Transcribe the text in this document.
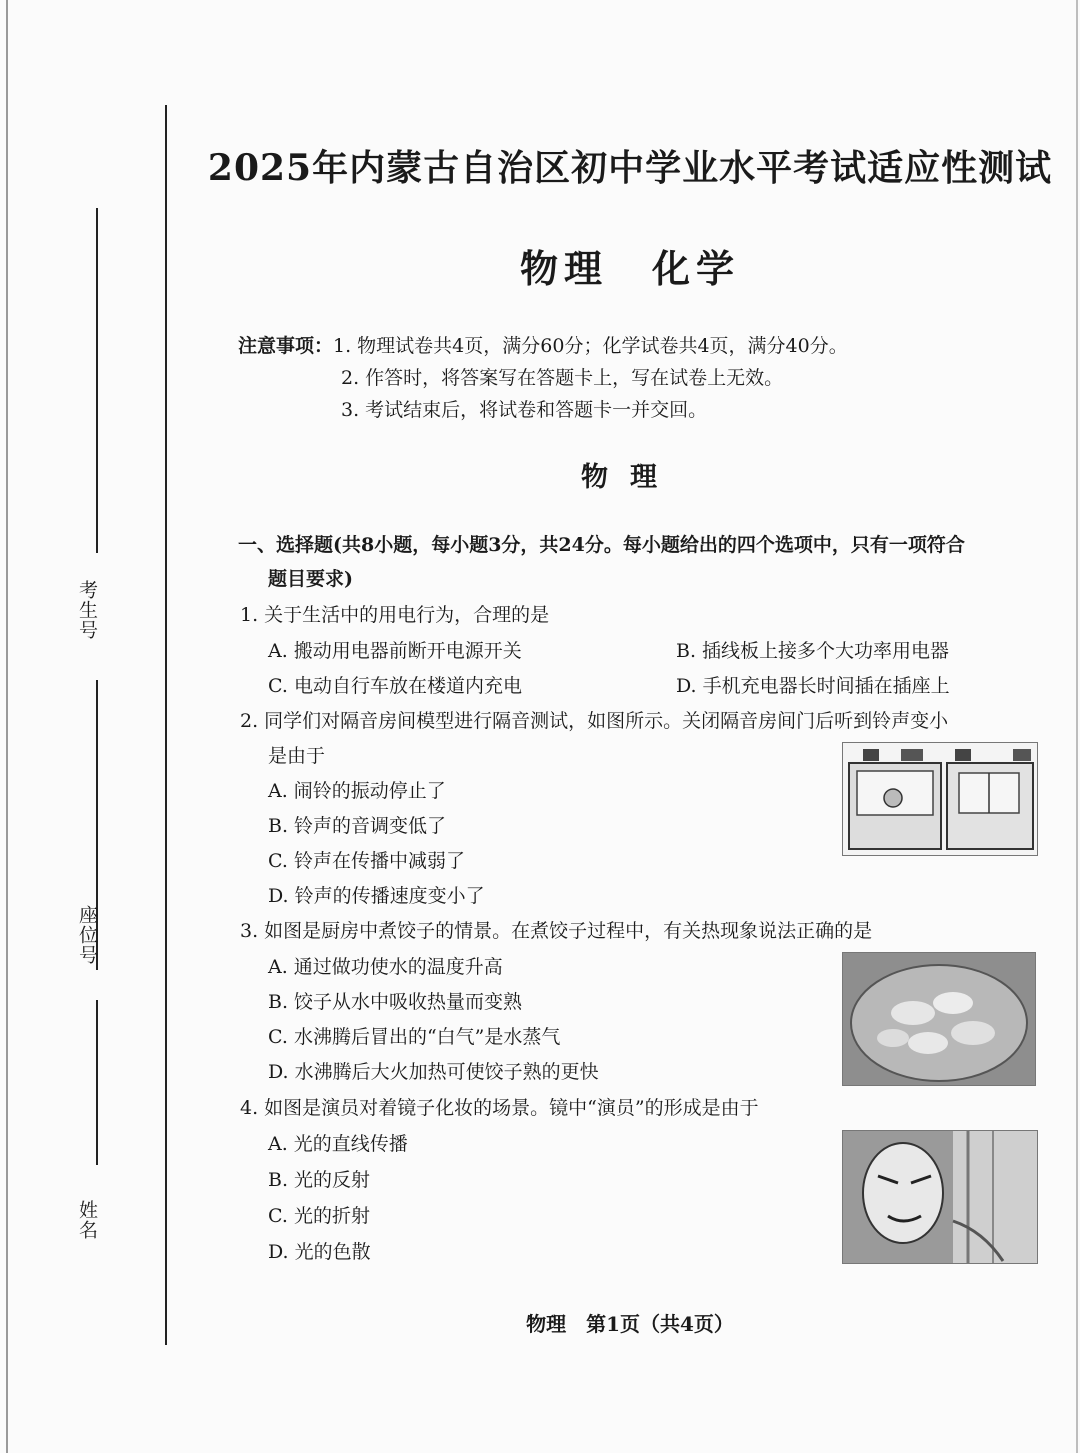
考生号
座位号
姓名
2025年内蒙古自治区初中学业水平考试适应性测试
物理　化学
注意事项：1. 物理试卷共4页，满分60分；化学试卷共4页，满分40分。
2. 作答时，将答案写在答题卡上，写在试卷上无效。
3. 考试结束后，将试卷和答题卡一并交回。
物理
一、选择题(共8小题，每小题3分，共24分。每小题给出的四个选项中，只有一项符合
题目要求)
1. 关于生活中的用电行为，合理的是
A. 搬动用电器前断开电源开关	B. 插线板上接多个大功率用电器
C. 电动自行车放在楼道内充电	D. 手机充电器长时间插在插座上
2. 同学们对隔音房间模型进行隔音测试，如图所示。关闭隔音房间门后听到铃声变小
是由于
A. 闹铃的振动停止了
B. 铃声的音调变低了
C. 铃声在传播中减弱了
D. 铃声的传播速度变小了
3. 如图是厨房中煮饺子的情景。在煮饺子过程中，有关热现象说法正确的是
A. 通过做功使水的温度升高
B. 饺子从水中吸收热量而变熟
C. 水沸腾后冒出的“白气”是水蒸气
D. 水沸腾后大火加热可使饺子熟的更快
4. 如图是演员对着镜子化妆的场景。镜中“演员”的形成是由于
A. 光的直线传播
B. 光的反射
C. 光的折射
D. 光的色散
物理　第1页（共4页）
